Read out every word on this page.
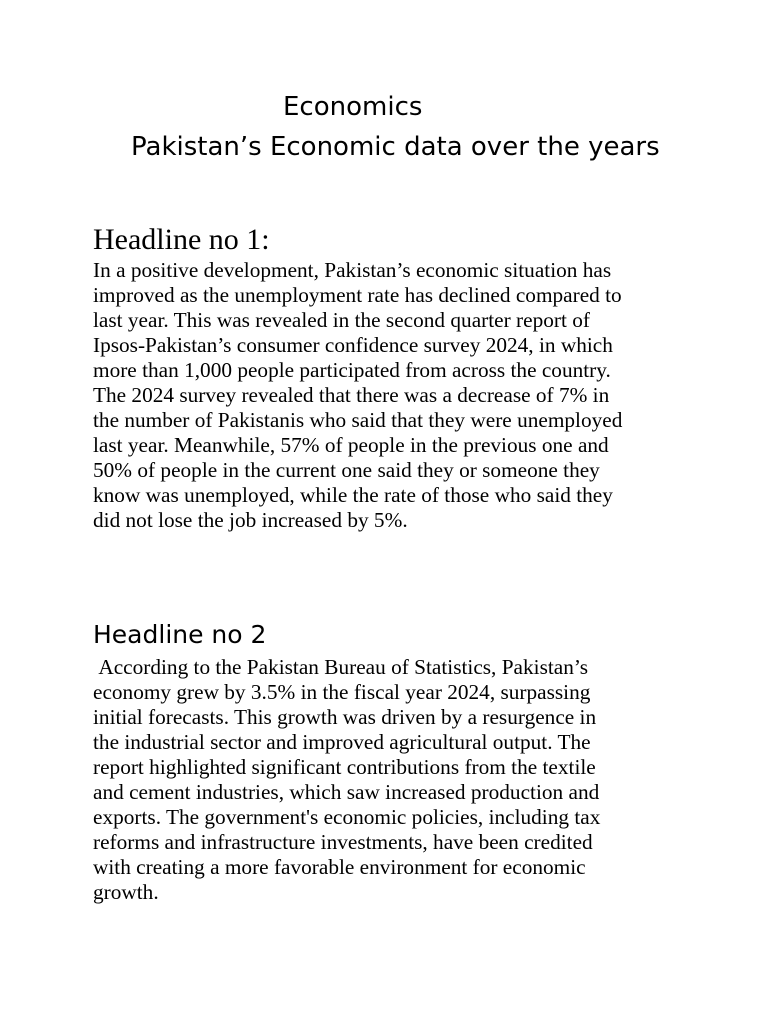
Economics
Pakistan’s Economic data over the years
Headline no 1:

In a positive development, Pakistan’s economic situation has
improved as the unemployment rate has declined compared to
last year. This was revealed in the second quarter report of
Ipsos-Pakistan’s consumer confidence survey 2024, in which
more than 1,000 people participated from across the country.
The 2024 survey revealed that there was a decrease of 7% in
the number of Pakistanis who said that they were unemployed
last year. Meanwhile, 57% of people in the previous one and
50% of people in the current one said they or someone they
know was unemployed, while the rate of those who said they
did not lose the job increased by 5%.

Headline no 2

According to the Pakistan Bureau of Statistics, Pakistan’s
economy grew by 3.5% in the fiscal year 2024, surpassing
initial forecasts. This growth was driven by a resurgence in
the industrial sector and improved agricultural output. The
report highlighted significant contributions from the textile
and cement industries, which saw increased production and
exports. The government's economic policies, including tax
reforms and infrastructure investments, have been credited
with creating a more favorable environment for economic
growth.
